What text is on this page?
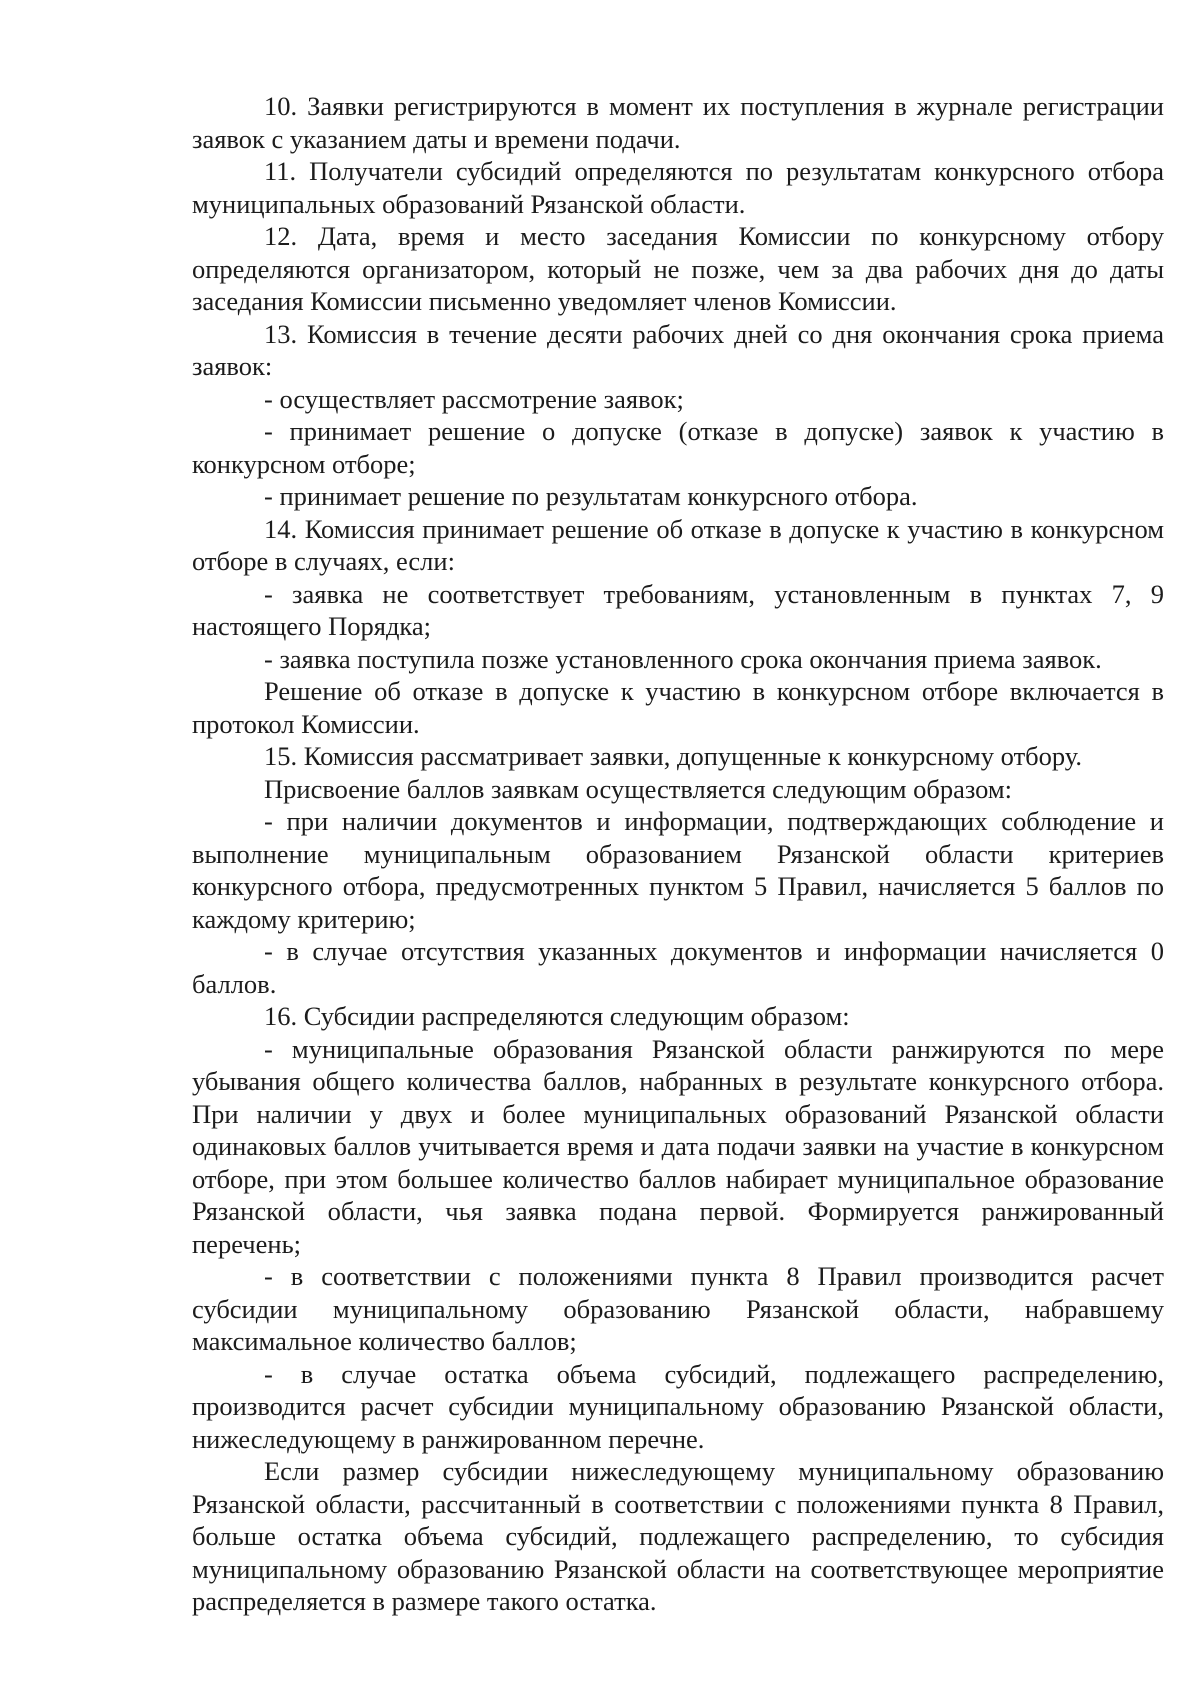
10. Заявки регистрируются в момент их поступления в журнале регистрации заявок с указанием даты и времени подачи.

11. Получатели субсидий определяются по результатам конкурсного отбора муниципальных образований Рязанской области.

12. Дата, время и место заседания Комиссии по конкурсному отбору определяются организатором, который не позже, чем за два рабочих дня до даты заседания Комиссии письменно уведомляет членов Комиссии.

13. Комиссия в течение десяти рабочих дней со дня окончания срока приема заявок:

- осуществляет рассмотрение заявок;

- принимает решение о допуске (отказе в допуске) заявок к участию в конкурсном отборе;

- принимает решение по результатам конкурсного отбора.

14. Комиссия принимает решение об отказе в допуске к участию в конкурсном отборе в случаях, если:

- заявка не соответствует требованиям, установленным в пунктах 7, 9 настоящего Порядка;

- заявка поступила позже установленного срока окончания приема заявок.

Решение об отказе в допуске к участию в конкурсном отборе включается в протокол Комиссии.

15. Комиссия рассматривает заявки, допущенные к конкурсному отбору.

Присвоение баллов заявкам осуществляется следующим образом:

- при наличии документов и информации, подтверждающих соблюдение и выполнение муниципальным образованием Рязанской области критериев конкурсного отбора, предусмотренных пунктом 5 Правил, начисляется 5 баллов по каждому критерию;

- в случае отсутствия указанных документов и информации начисляется 0 баллов.

16. Субсидии распределяются следующим образом:

- муниципальные образования Рязанской области ранжируются по мере убывания общего количества баллов, набранных в результате конкурсного отбора. При наличии у двух и более муниципальных образований Рязанской области одинаковых баллов учитывается время и дата подачи заявки на участие в конкурсном отборе, при этом большее количество баллов набирает муниципальное образование Рязанской области, чья заявка подана первой. Формируется ранжированный перечень;

- в соответствии с положениями пункта 8 Правил производится расчет субсидии муниципальному образованию Рязанской области, набравшему максимальное количество баллов;

- в случае остатка объема субсидий, подлежащего распределению, производится расчет субсидии муниципальному образованию Рязанской области, нижеследующему в ранжированном перечне.

Если размер субсидии нижеследующему муниципальному образованию Рязанской области, рассчитанный в соответствии с положениями пункта 8 Правил, больше остатка объема субсидий, подлежащего распределению, то субсидия муниципальному образованию Рязанской области на соответствующее мероприятие распределяется в размере такого остатка.
